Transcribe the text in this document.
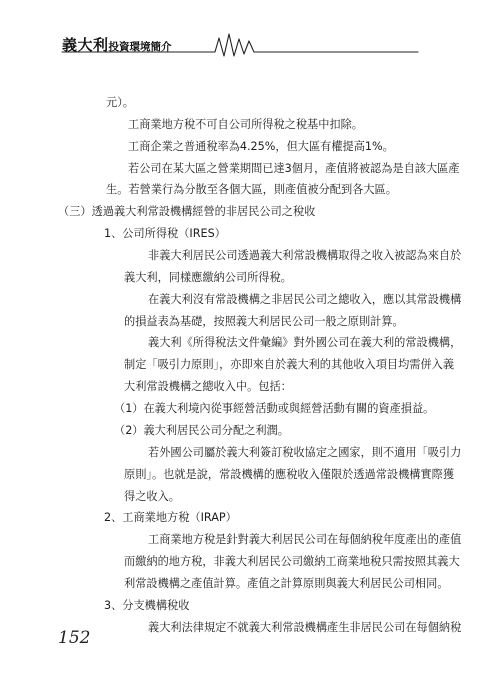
義大利投資環境簡介
元）。
工商業地方稅不可自公司所得稅之稅基中扣除。
工商企業之普通稅率為4.25%，但大區有權提高1%。
若公司在某大區之營業期間已達3個月，產值將被認為是自該大區產
生。若營業行為分散至各個大區，則產值被分配到各大區。
（三）透過義大利常設機構經營的非居民公司之稅收
1、公司所得稅（IRES）
非義大利居民公司透過義大利常設機構取得之收入被認為來自於
義大利，同樣應繳納公司所得稅。
在義大利沒有常設機構之非居民公司之總收入，應以其常設機構
的損益表為基礎，按照義大利居民公司一般之原則計算。
義大利《所得稅法文件彙編》對外國公司在義大利的常設機構，
制定「吸引力原則」，亦即來自於義大利的其他收入項目均需併入義
大利常設機構之總收入中。包括：
（1）在義大利境內從事經營活動或與經營活動有關的資產損益。
（2）義大利居民公司分配之利潤。
若外國公司屬於義大利簽訂稅收協定之國家，則不適用「吸引力
原則」。也就是說，常設機構的應稅收入僅限於透過常設機構實際獲
得之收入。
2、工商業地方稅（IRAP）
工商業地方稅是針對義大利居民公司在每個納稅年度產出的產值
而繳納的地方稅，非義大利居民公司繳納工商業地稅只需按照其義大
利常設機構之產值計算。產值之計算原則與義大利居民公司相同。
3、分支機構稅收
義大利法律規定不就義大利常設機構產生非居民公司在每個納稅
152
